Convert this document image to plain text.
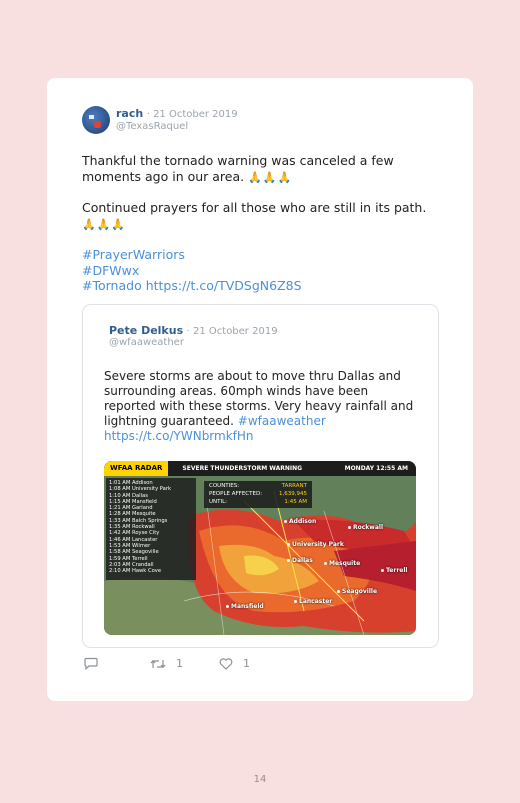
rach · 21 October 2019
@TexasRaquel

Thankful the tornado warning was canceled a few moments ago in our area. 🙏🙏🙏

Continued prayers for all those who are still in its path.
🙏🙏🙏

#PrayerWarriors

#DFWwx

#Tornado https://t.co/TVDSgN6Z8S

Pete Delkus · 21 October 2019
@wfaaweather
Severe storms are about to move thru Dallas and surrounding areas. 60mph winds have been reported with these storms. Very heavy rainfall and lightning guaranteed. #wfaaweather https://t.co/YWNbrmkfHn
WFAA RADAR	SEVERE THUNDERSTORM WARNING	MONDAY 12:55 AM
1:01 AM Addison
1:08 AM University Park
1:10 AM Dallas
1:15 AM Mansfield
1:21 AM Garland
1:28 AM Mesquite
1:33 AM Balch Springs
1:35 AM Rockwall
1:42 AM Royse City
1:46 AM Lancaster
1:53 AM Wilmer
1:58 AM Seagoville
1:59 AM Terrell
2:03 AM Crandall
2:10 AM Hawk Cove
COUNTIES:	TARRANT
PEOPLE AFFECTED:	1,639,945
UNTIL:	1:45 AM
Addison
Rockwall
University Park
Dallas	Mesquite
Terrell
Seagoville
Lancaster
Mansfield
1	1
14
